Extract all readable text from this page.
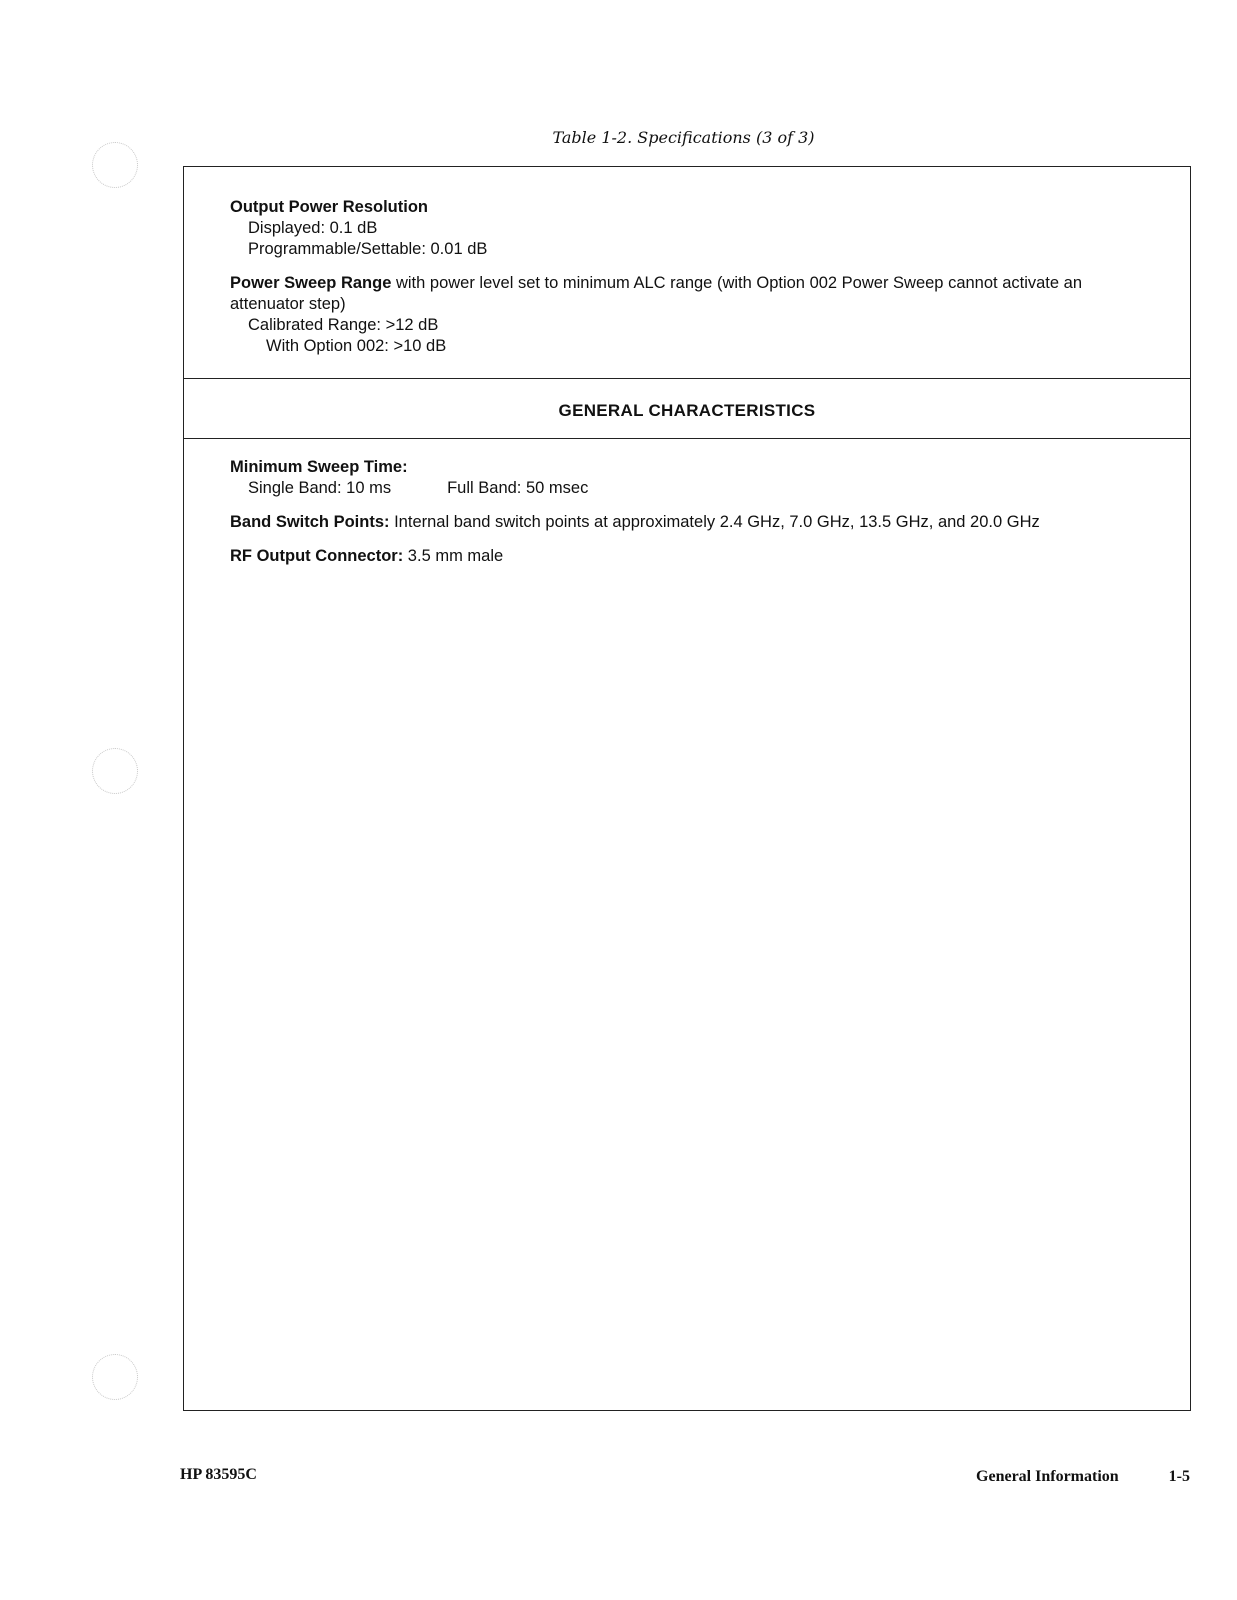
Table 1-2. Specifications (3 of 3)
Output Power Resolution
Displayed: 0.1 dB
Programmable/Settable: 0.01 dB
Power Sweep Range with power level set to minimum ALC range (with Option 002 Power Sweep cannot activate an attenuator step)
Calibrated Range: >12 dB
With Option 002: >10 dB
GENERAL CHARACTERISTICS
Minimum Sweep Time:
Single Band: 10 ms	Full Band: 50 msec
Band Switch Points: Internal band switch points at approximately 2.4 GHz, 7.0 GHz, 13.5 GHz, and 20.0 GHz
RF Output Connector: 3.5 mm male
HP 83595C	General Information	1-5
